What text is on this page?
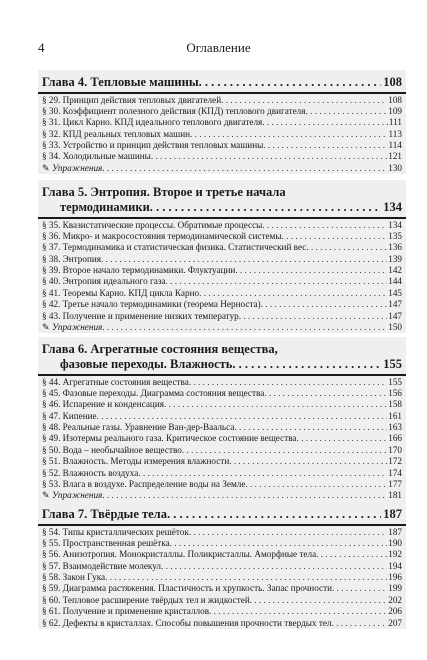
4	Оглавление
Глава 4. Тепловые машины . . .	108
§ 29. Принцип действия тепловых двигателей . . .	108
§ 30. Коэффициент полезного действия (КПД) теплового двигателя . . .	109
§ 31. Цикл Карно. КПД идеального теплового двигателя . . .	111
§ 32. КПД реальных тепловых машин . . .	113
§ 33. Устройство и принцип действия тепловых машины . . .	114
§ 34. Холодильные машины . . .	121
✎ Упражнения . . .	130
Глава 5. Энтропия. Второе и третье начала
термодинамики . . .	134
§ 35. Квазистатические процессы. Обратимые процессы . . .	134
§ 36. Микро- и макросостояния термодинамической системы . . .	135
§ 37. Термодинамика и статистическая физика. Статистический вес . . .	136
§ 38. Энтропия . . .	139
§ 39. Второе начало термодинамики. Флуктуации . . .	142
§ 40. Энтропия идеального газа . . .	144
§ 41. Теоремы Карно. КПД цикла Карно . . .	145
§ 42. Третье начало термодинамики (теорема Нерноста) . . .	147
§ 43. Получение и применение низких температур . . .	147
✎ Упражнения . . .	150
Глава 6. Агрегатные состояния вещества,
фазовые переходы. Влажность . . .	155
§ 44. Агрегатные состояния вещества . . .	155
§ 45. Фазовые переходы. Диаграмма состояния вещества . . .	156
§ 46. Испарение и конденсация . . .	158
§ 47. Кипение . . .	161
§ 48. Реальные газы. Уравнение Ван-дер-Ваальса . . .	163
§ 49. Изотермы реального газа. Критическое состояние вещества . . .	166
§ 50. Вода – необычайное вещество . . .	170
§ 51. Влажность. Методы измерения влажности . . .	172
§ 52. Влажность воздуха . . .	174
§ 53. Влага в воздухе. Распределение воды на Земле . . .	177
✎ Упражнения . . .	181
Глава 7. Твёрдые тела . . .	187
§ 54. Типы кристаллических решёток . . .	187
§ 55. Пространственная решётка . . .	190
§ 56. Анизотропия. Монокристаллы. Поликристаллы. Аморфные тела . . .	192
§ 57. Взаимодействие молекул . . .	194
§ 58. Закон Гука . . .	196
§ 59. Диаграмма растяжения. Пластичность и хрупкость. Запас прочности . . .	199
§ 60. Тепловое расширение твёрдых тел и жидкостей . . .	202
§ 61. Получение и применение кристаллов . . .	206
§ 62. Дефекты в кристаллах. Способы повышения прочности твердых тел . . .	207
